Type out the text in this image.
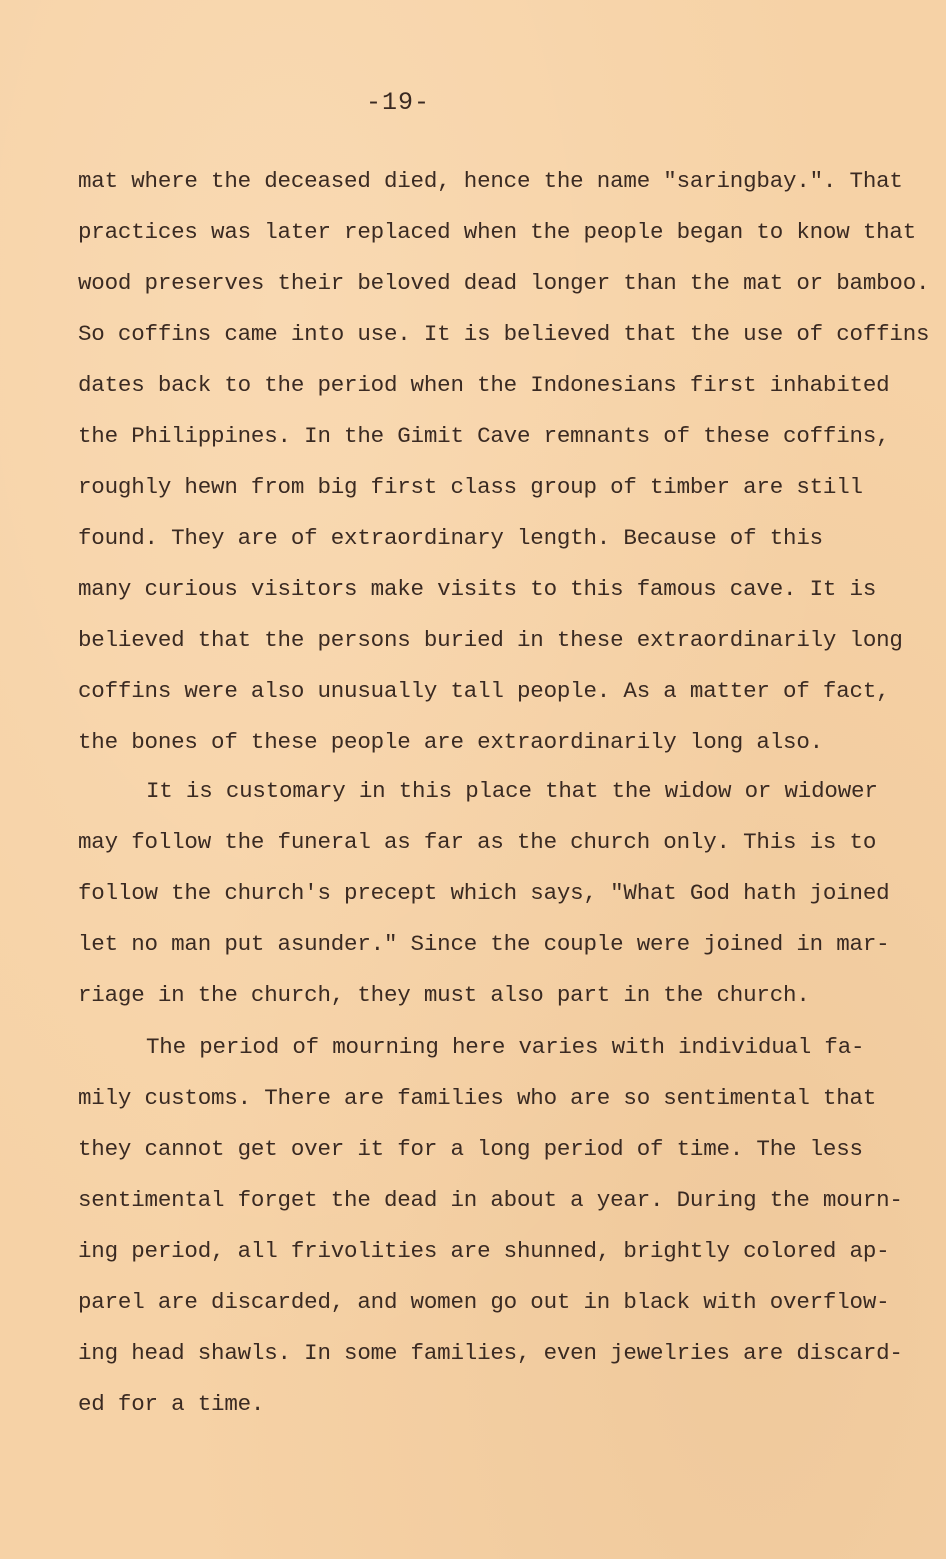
-19-
mat where the deceased died, hence the name "saringbay.". That
practices was later replaced when the people began to know that
wood preserves their beloved dead longer than the mat or bamboo.
So coffins came into use. It is believed that the use of coffins
dates back to the period when the Indonesians first inhabited
the Philippines. In the Gimit Cave remnants of these coffins,
roughly hewn from big first class group of timber are still
found. They are of extraordinary length. Because of this
many curious visitors make visits to this famous cave. It is
believed that the persons buried in these extraordinarily long
coffins were also unusually tall people. As a matter of fact,
the bones of these people are extraordinarily long also.
It is customary in this place that the widow or widower
may follow the funeral as far as the church only. This is to
follow the church's precept which says, "What God hath joined
let no man put asunder." Since the couple were joined in mar-
riage in the church, they must also part in the church.
The period of mourning here varies with individual fa-
mily customs. There are families who are so sentimental that
they cannot get over it for a long period of time. The less
sentimental forget the dead in about a year. During the mourn-
ing period, all frivolities are shunned, brightly colored ap-
parel are discarded, and women go out in black with overflow-
ing head shawls. In some families, even jewelries are discard-
ed for a time.
